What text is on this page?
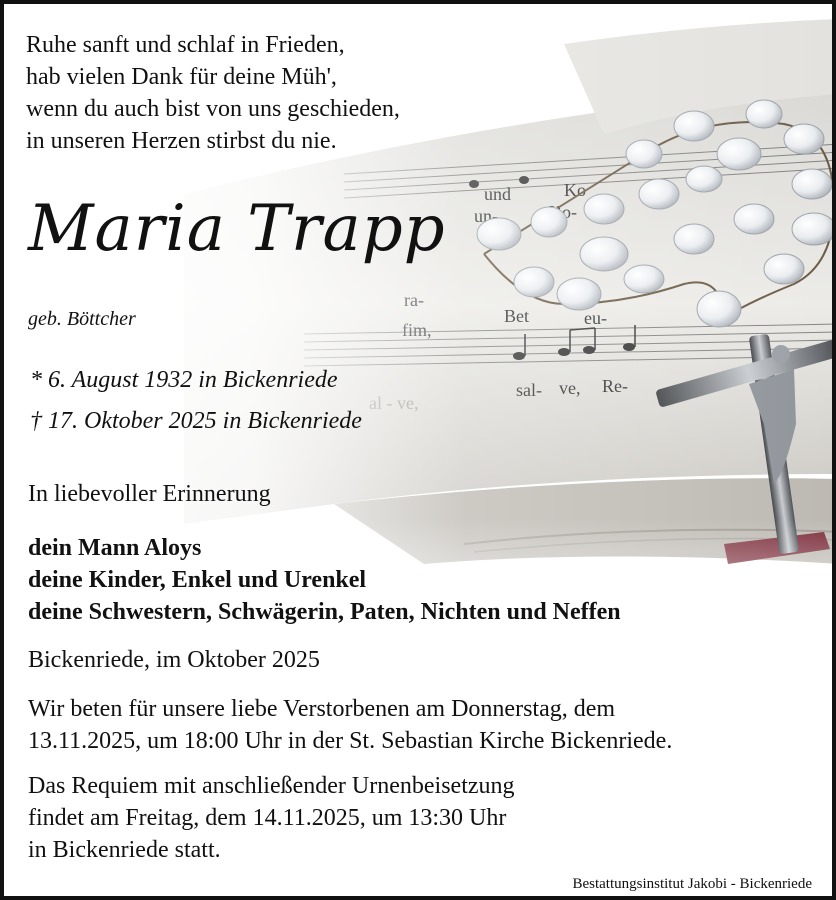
Ruhe sanft und schlaf in Frieden,
hab vielen Dank für deine Müh',
wenn du auch bist von uns geschieden,
in unseren Herzen stirbst du nie.
Maria Trapp
geb. Böttcher
* 6. August 1932 in Bickenriede
† 17. Oktober 2025 in Bickenriede
In liebevoller Erinnerung
dein Mann Aloys
deine Kinder, Enkel und Urenkel
deine Schwestern, Schwägerin, Paten, Nichten und Neffen
Bickenriede, im Oktober 2025
Wir beten für unsere liebe Verstorbenen am Donnerstag, dem
13.11.2025, um 18:00 Uhr in der St. Sebastian Kirche Bickenriede.
Das Requiem mit anschließender Urnenbeisetzung
findet am Freitag, dem 14.11.2025, um 13:30 Uhr
in Bickenriede statt.
Bestattungsinstitut Jakobi - Bickenriede
